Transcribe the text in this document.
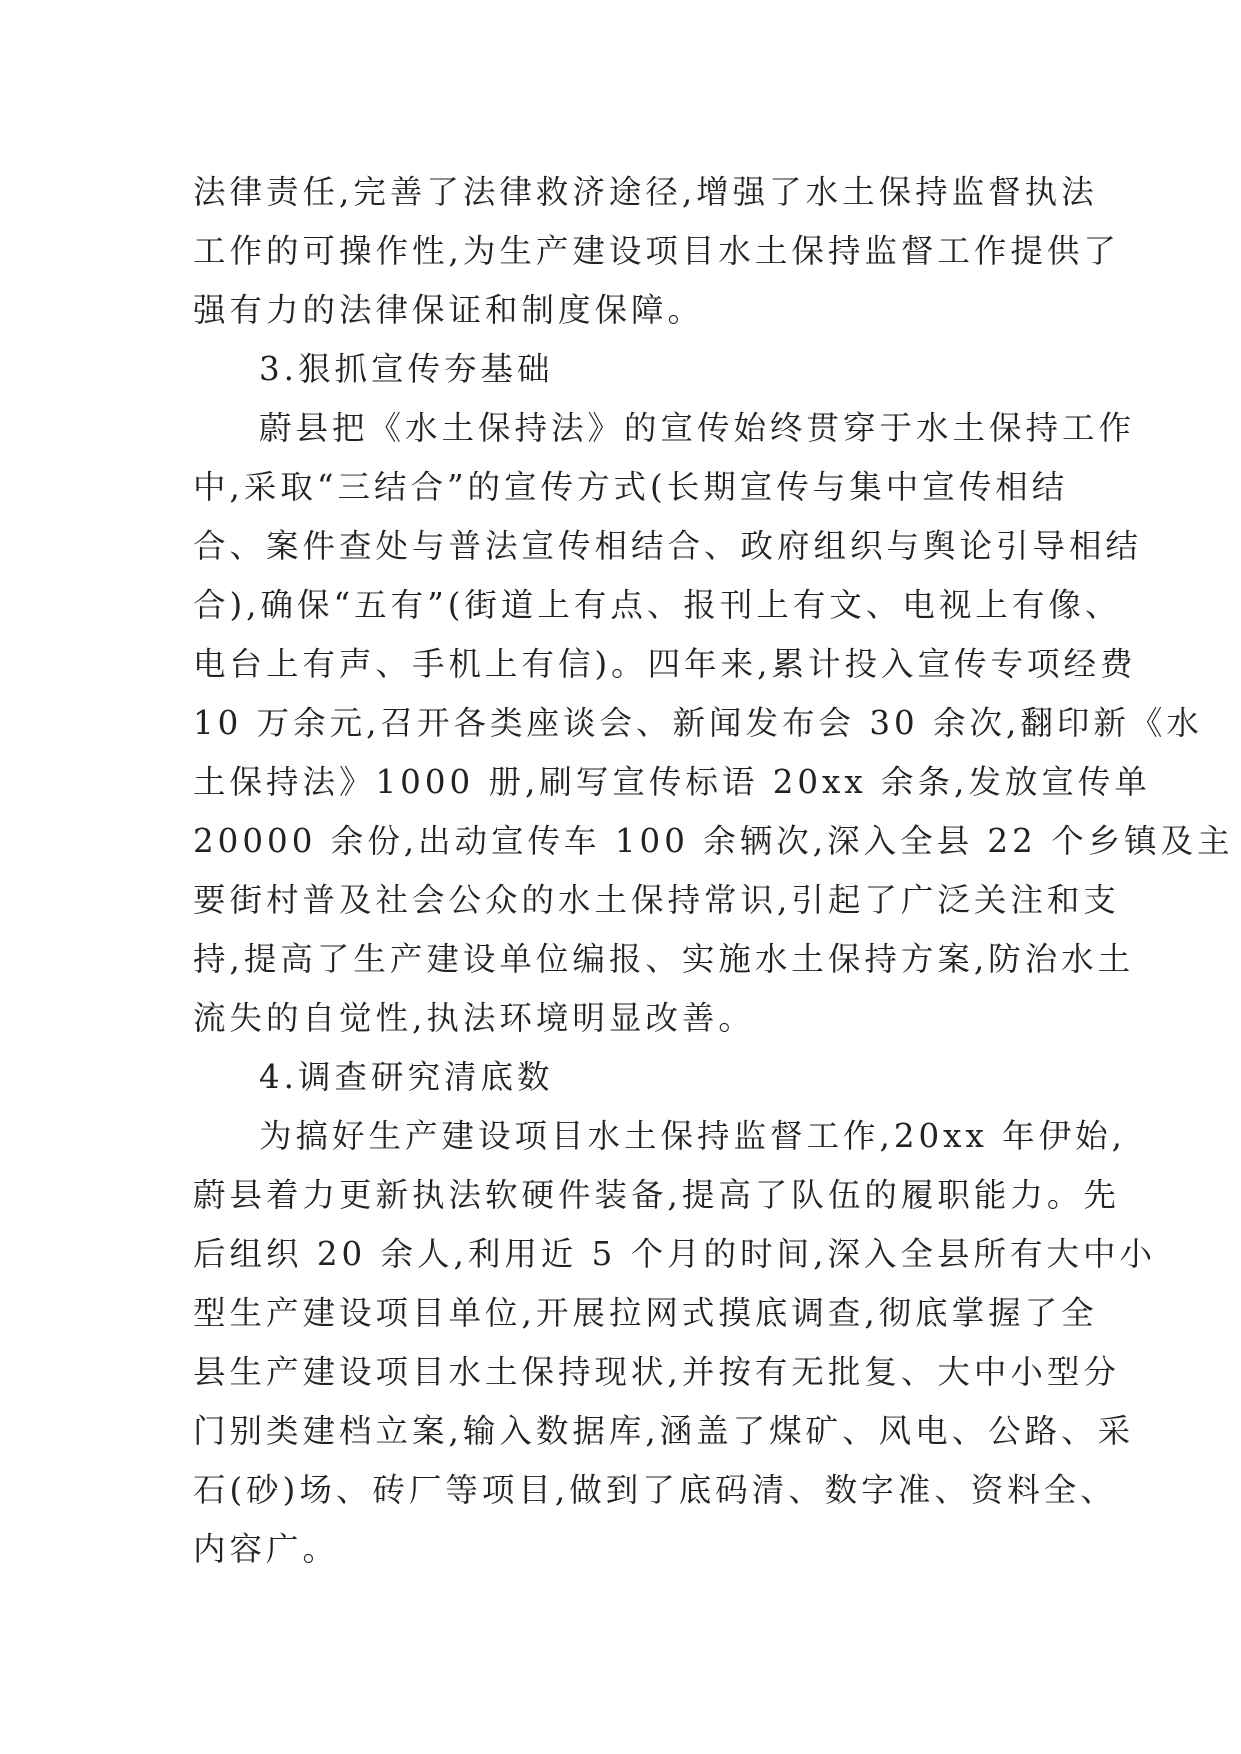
法律责任,完善了法律救济途径,增强了水土保持监督执法
工作的可操作性,为生产建设项目水土保持监督工作提供了
强有力的法律保证和制度保障。
3.狠抓宣传夯基础
蔚县把《水土保持法》的宣传始终贯穿于水土保持工作
中,采取“三结合”的宣传方式(长期宣传与集中宣传相结
合、案件查处与普法宣传相结合、政府组织与舆论引导相结
合),确保“五有”(街道上有点、报刊上有文、电视上有像、
电台上有声、手机上有信)。四年来,累计投入宣传专项经费
10 万余元,召开各类座谈会、新闻发布会 30 余次,翻印新《水
土保持法》1000 册,刷写宣传标语 20xx 余条,发放宣传单
20000 余份,出动宣传车 100 余辆次,深入全县 22 个乡镇及主
要街村普及社会公众的水土保持常识,引起了广泛关注和支
持,提高了生产建设单位编报、实施水土保持方案,防治水土
流失的自觉性,执法环境明显改善。
4.调查研究清底数
为搞好生产建设项目水土保持监督工作,20xx 年伊始,
蔚县着力更新执法软硬件装备,提高了队伍的履职能力。先
后组织 20 余人,利用近 5 个月的时间,深入全县所有大中小
型生产建设项目单位,开展拉网式摸底调查,彻底掌握了全
县生产建设项目水土保持现状,并按有无批复、大中小型分
门别类建档立案,输入数据库,涵盖了煤矿、风电、公路、采
石(砂)场、砖厂等项目,做到了底码清、数字准、资料全、
内容广。
